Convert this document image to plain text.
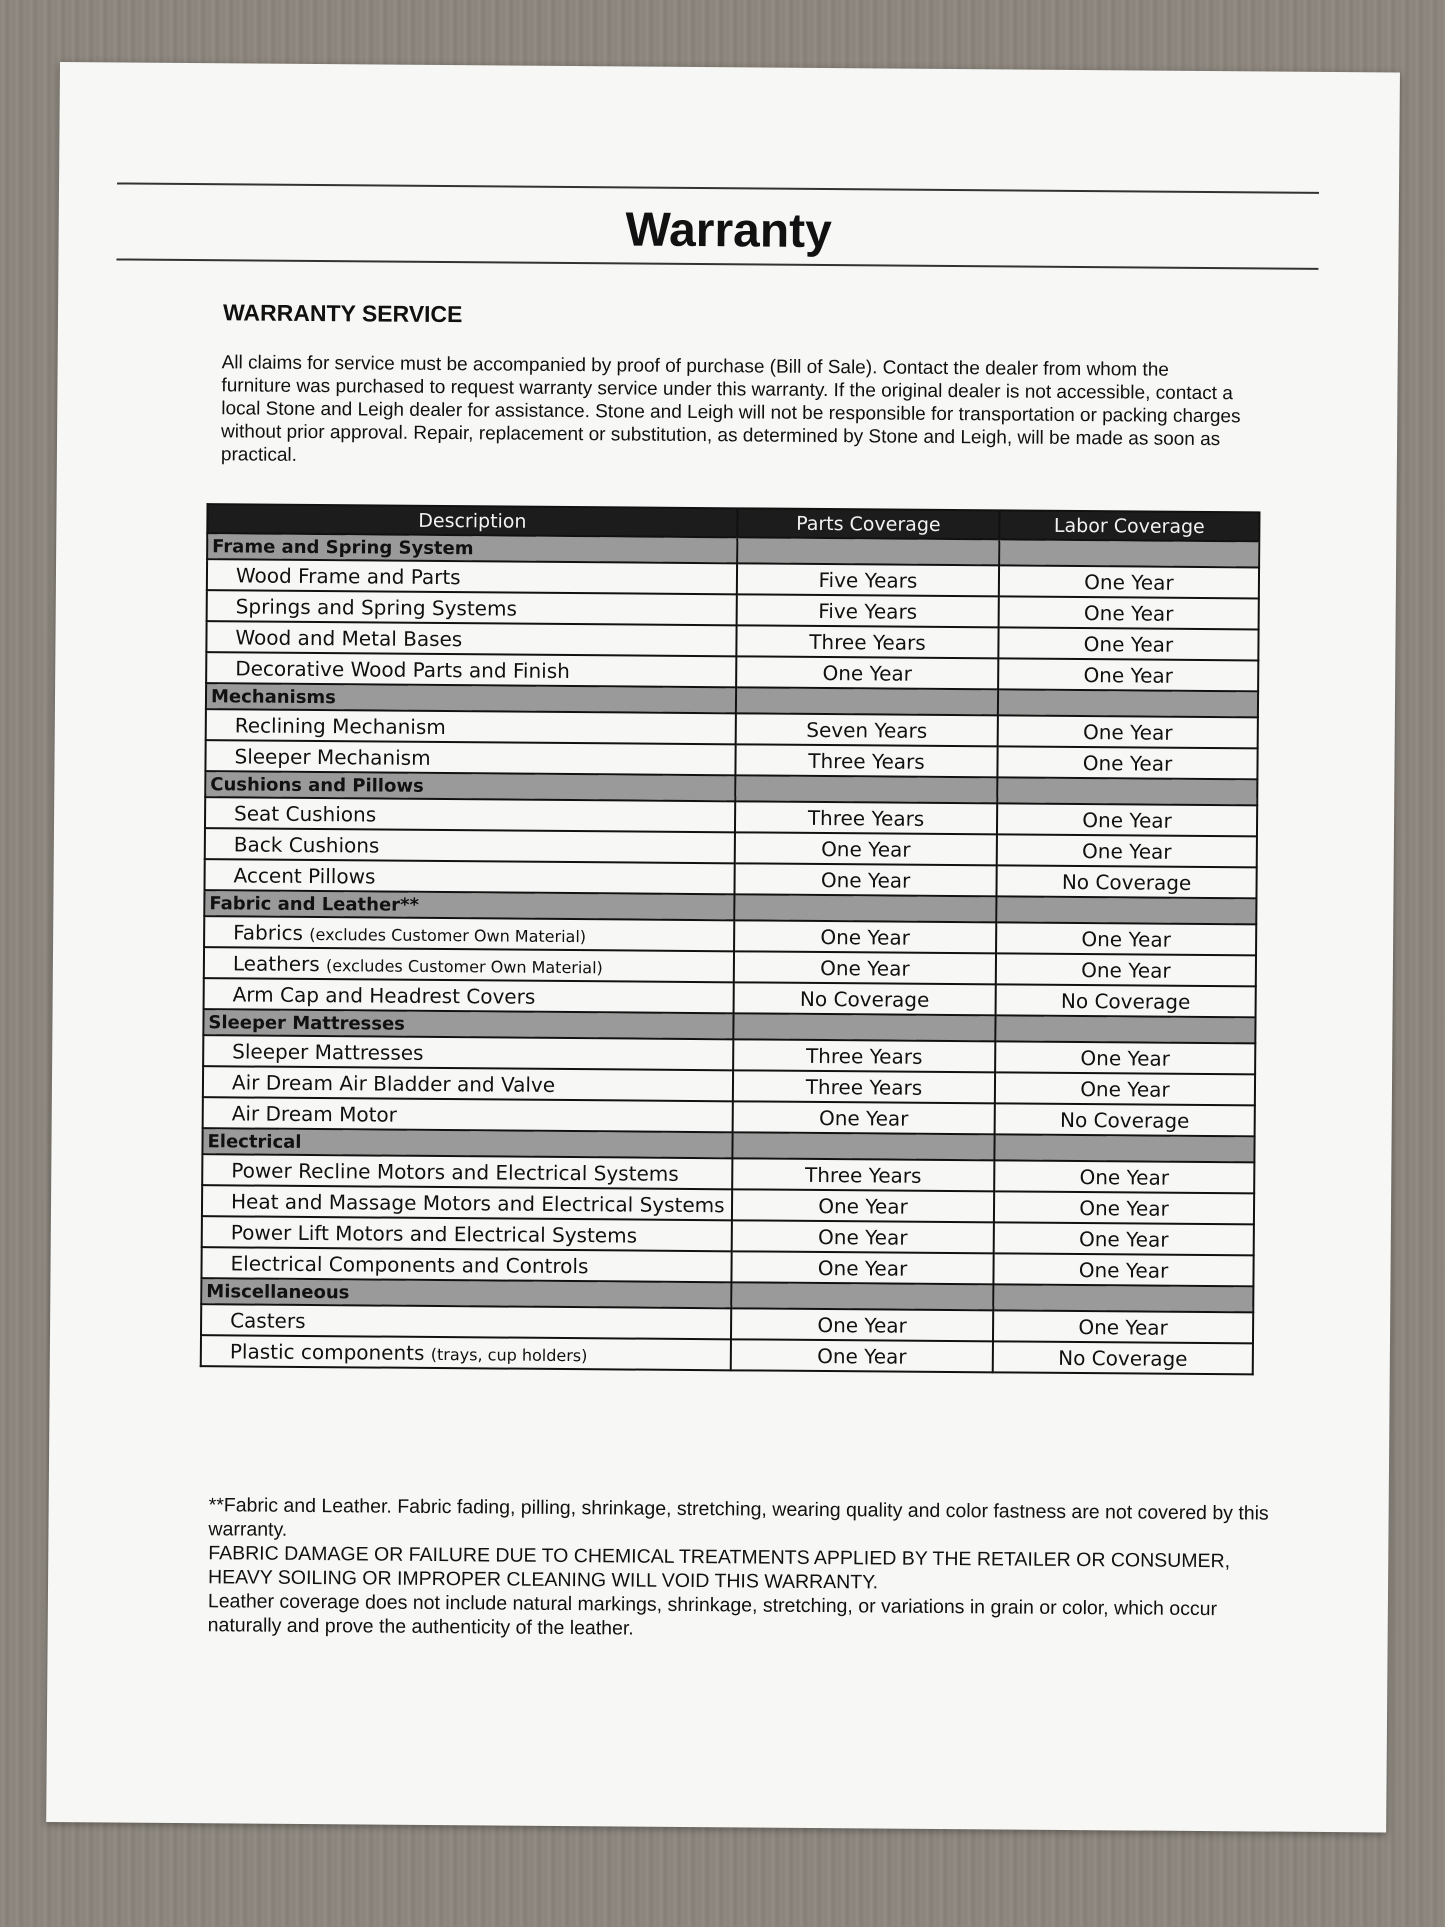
Warranty
WARRANTY SERVICE
All claims for service must be accompanied by proof of purchase (Bill of Sale). Contact the dealer from whom the furniture was purchased to request warranty service under this warranty. If the original dealer is not accessible, contact a local Stone and Leigh dealer for assistance. Stone and Leigh will not be responsible for transportation or packing charges without prior approval. Repair, replacement or substitution, as determined by Stone and Leigh, will be made as soon as practical.
Description	Parts Coverage	Labor Coverage
Frame and Spring System		
Wood Frame and Parts	Five Years	One Year
Springs and Spring Systems	Five Years	One Year
Wood and Metal Bases	Three Years	One Year
Decorative Wood Parts and Finish	One Year	One Year
Mechanisms		
Reclining Mechanism	Seven Years	One Year
Sleeper Mechanism	Three Years	One Year
Cushions and Pillows		
Seat Cushions	Three Years	One Year
Back Cushions	One Year	One Year
Accent Pillows	One Year	No Coverage
Fabric and Leather**		
Fabrics (excludes Customer Own Material)	One Year	One Year
Leathers (excludes Customer Own Material)	One Year	One Year
Arm Cap and Headrest Covers	No Coverage	No Coverage
Sleeper Mattresses		
Sleeper Mattresses	Three Years	One Year
Air Dream Air Bladder and Valve	Three Years	One Year
Air Dream Motor	One Year	No Coverage
Electrical		
Power Recline Motors and Electrical Systems	Three Years	One Year
Heat and Massage Motors and Electrical Systems	One Year	One Year
Power Lift Motors and Electrical Systems	One Year	One Year
Electrical Components and Controls	One Year	One Year
Miscellaneous		
Casters	One Year	One Year
Plastic components (trays, cup holders)	One Year	No Coverage

**Fabric and Leather. Fabric fading, pilling, shrinkage, stretching, wearing quality and color fastness are not covered by this warranty.

FABRIC DAMAGE OR FAILURE DUE TO CHEMICAL TREATMENTS APPLIED BY THE RETAILER OR CONSUMER, HEAVY SOILING OR IMPROPER CLEANING WILL VOID THIS WARRANTY.

Leather coverage does not include natural markings, shrinkage, stretching, or variations in grain or color, which occur naturally and prove the authenticity of the leather.
